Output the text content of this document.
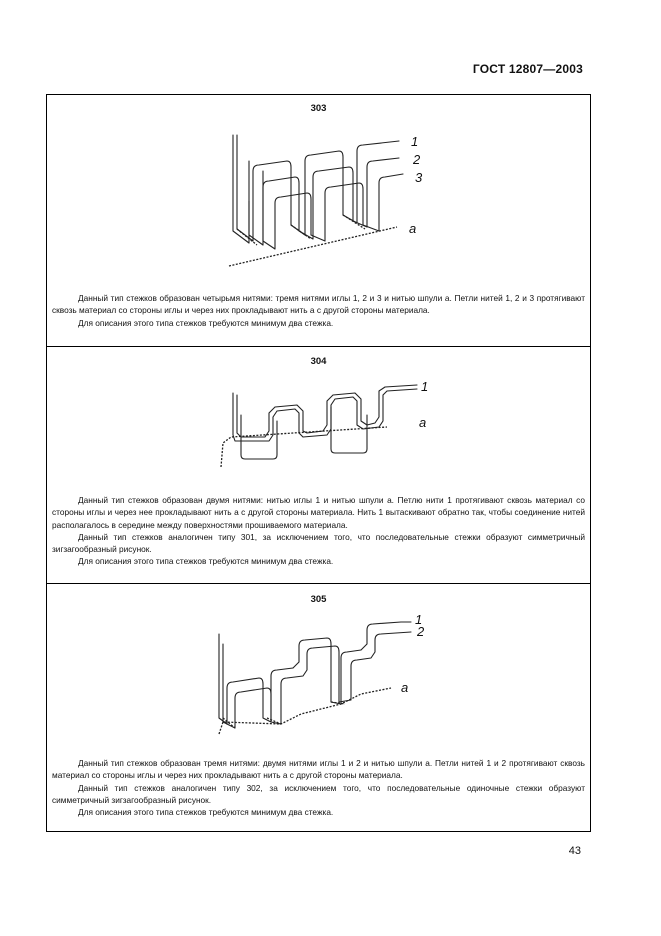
ГОСТ 12807—2003
303
1
2
3
a

Данный тип стежков образован четырьмя нитями: тремя нитями иглы 1, 2 и 3 и нитью шпули a. Петли нитей 1, 2 и 3 протягивают сквозь материал со стороны иглы и через них прокладывают нить a с другой стороны материала.

Для описания этого типа стежков требуются минимум два стежка.

304
1
a

Данный тип стежков образован двумя нитями: нитью иглы 1 и нитью шпули a. Петлю нити 1 протягивают сквозь материал со стороны иглы и через нее прокладывают нить a с другой стороны материала. Нить 1 вытаскивают обратно так, чтобы соединение нитей располагалось в середине между поверхностями прошиваемого материала.

Данный тип стежков аналогичен типу 301, за исключением того, что последовательные стежки образуют симметричный зигзагообразный рисунок.

Для описания этого типа стежков требуются минимум два стежка.

305
1
2
a

Данный тип стежков образован тремя нитями: двумя нитями иглы 1 и 2 и нитью шпули a. Петли нитей 1 и 2 протягивают сквозь материал со стороны иглы и через них прокладывают нить a с другой стороны материала.

Данный тип стежков аналогичен типу 302, за исключением того, что последовательные одиночные стежки образуют симметричный зигзагообразный рисунок.

Для описания этого типа стежков требуются минимум два стежка.

43
